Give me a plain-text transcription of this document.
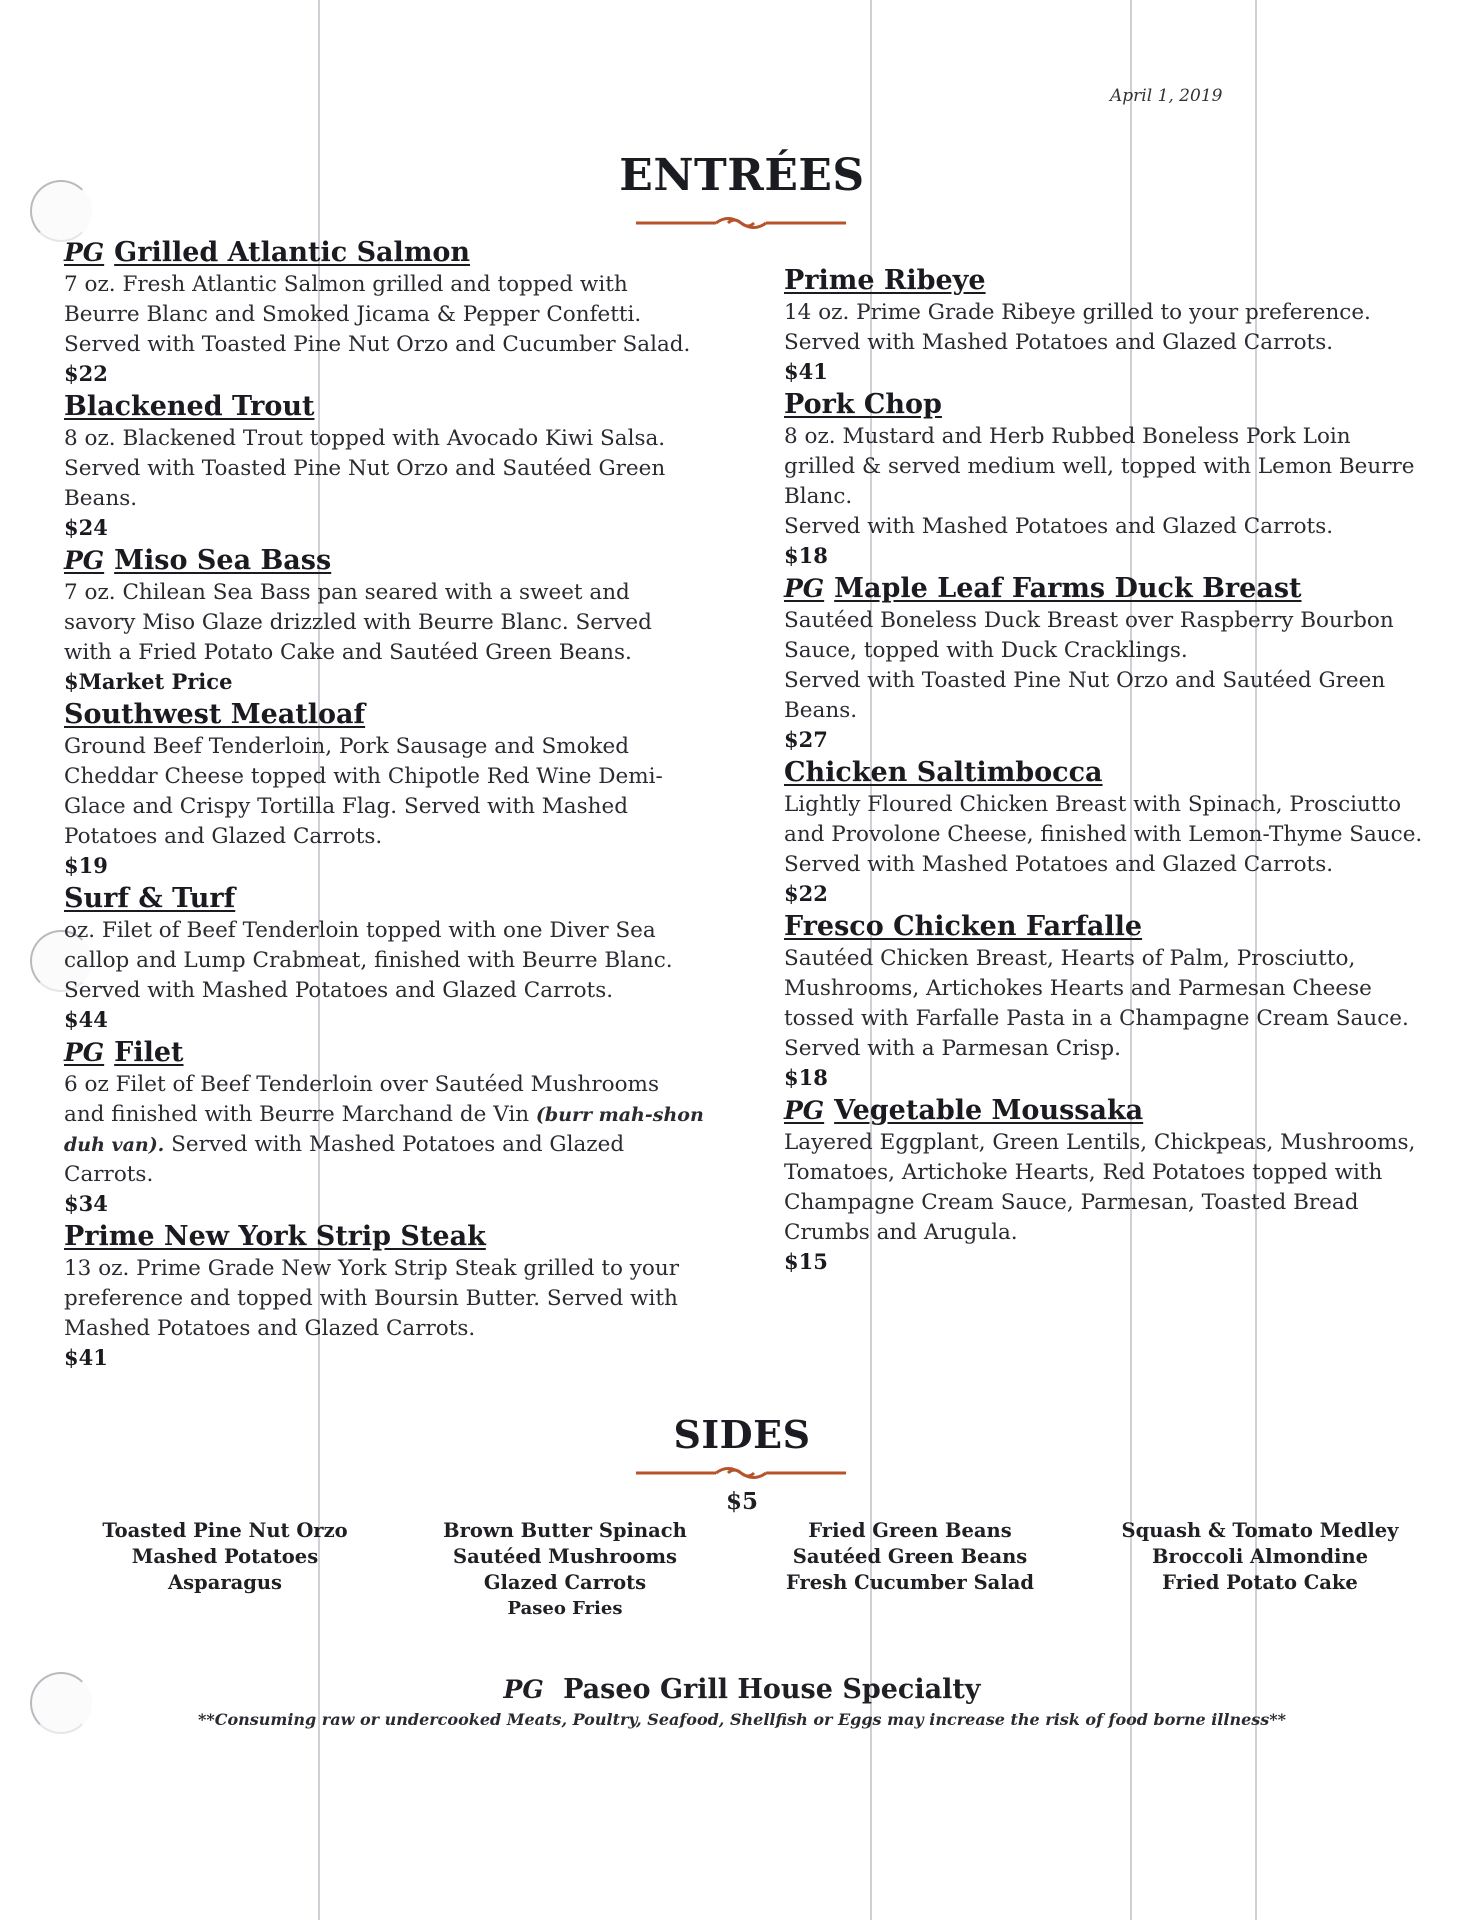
April 1, 2019
ENTRÉES
PG Grilled Atlantic Salmon
7 oz. Fresh Atlantic Salmon grilled and topped with Beurre Blanc and Smoked Jicama & Pepper Confetti. Served with Toasted Pine Nut Orzo and Cucumber Salad.
$22
Blackened Trout
8 oz. Blackened Trout topped with Avocado Kiwi Salsa. Served with Toasted Pine Nut Orzo and Sautéed Green Beans.
$24
PG Miso Sea Bass
7 oz. Chilean Sea Bass pan seared with a sweet and savory Miso Glaze drizzled with Beurre Blanc. Served with a Fried Potato Cake and Sautéed Green Beans.
$Market Price
Southwest Meatloaf
Ground Beef Tenderloin, Pork Sausage and Smoked Cheddar Cheese topped with Chipotle Red Wine Demi-Glace and Crispy Tortilla Flag. Served with Mashed Potatoes and Glazed Carrots.
$19
Surf & Turf
oz. Filet of Beef Tenderloin topped with one Diver Sea callop and Lump Crabmeat, finished with Beurre Blanc. Served with Mashed Potatoes and Glazed Carrots.
$44
PG Filet
6 oz Filet of Beef Tenderloin over Sautéed Mushrooms and finished with Beurre Marchand de Vin (burr mah-shon duh van). Served with Mashed Potatoes and Glazed Carrots.
$34
Prime New York Strip Steak
13 oz. Prime Grade New York Strip Steak grilled to your preference and topped with Boursin Butter. Served with Mashed Potatoes and Glazed Carrots.
$41
Prime Ribeye
14 oz. Prime Grade Ribeye grilled to your preference. Served with Mashed Potatoes and Glazed Carrots.
$41
Pork Chop
8 oz. Mustard and Herb Rubbed Boneless Pork Loin grilled & served medium well, topped with Lemon Beurre Blanc.
Served with Mashed Potatoes and Glazed Carrots.
$18
PG Maple Leaf Farms Duck Breast
Sautéed Boneless Duck Breast over Raspberry Bourbon Sauce, topped with Duck Cracklings.
Served with Toasted Pine Nut Orzo and Sautéed Green Beans.
$27
Chicken Saltimbocca
Lightly Floured Chicken Breast with Spinach, Prosciutto and Provolone Cheese, finished with Lemon-Thyme Sauce.
Served with Mashed Potatoes and Glazed Carrots.
$22
Fresco Chicken Farfalle
Sautéed Chicken Breast, Hearts of Palm, Prosciutto, Mushrooms, Artichokes Hearts and Parmesan Cheese tossed with Farfalle Pasta in a Champagne Cream Sauce.
Served with a Parmesan Crisp.
$18
PG Vegetable Moussaka
Layered Eggplant, Green Lentils, Chickpeas, Mushrooms, Tomatoes, Artichoke Hearts, Red Potatoes topped with Champagne Cream Sauce, Parmesan, Toasted Bread Crumbs and Arugula.
$15
SIDES
$5
Toasted Pine Nut Orzo
Mashed Potatoes
Asparagus
Brown Butter Spinach
Sautéed Mushrooms
Glazed Carrots
Paseo Fries
Fried Green Beans
Sautéed Green Beans
Fresh Cucumber Salad
Squash & Tomato Medley
Broccoli Almondine
Fried Potato Cake
PG Paseo Grill House Specialty
**Consuming raw or undercooked Meats, Poultry, Seafood, Shellfish or Eggs may increase the risk of food borne illness**
